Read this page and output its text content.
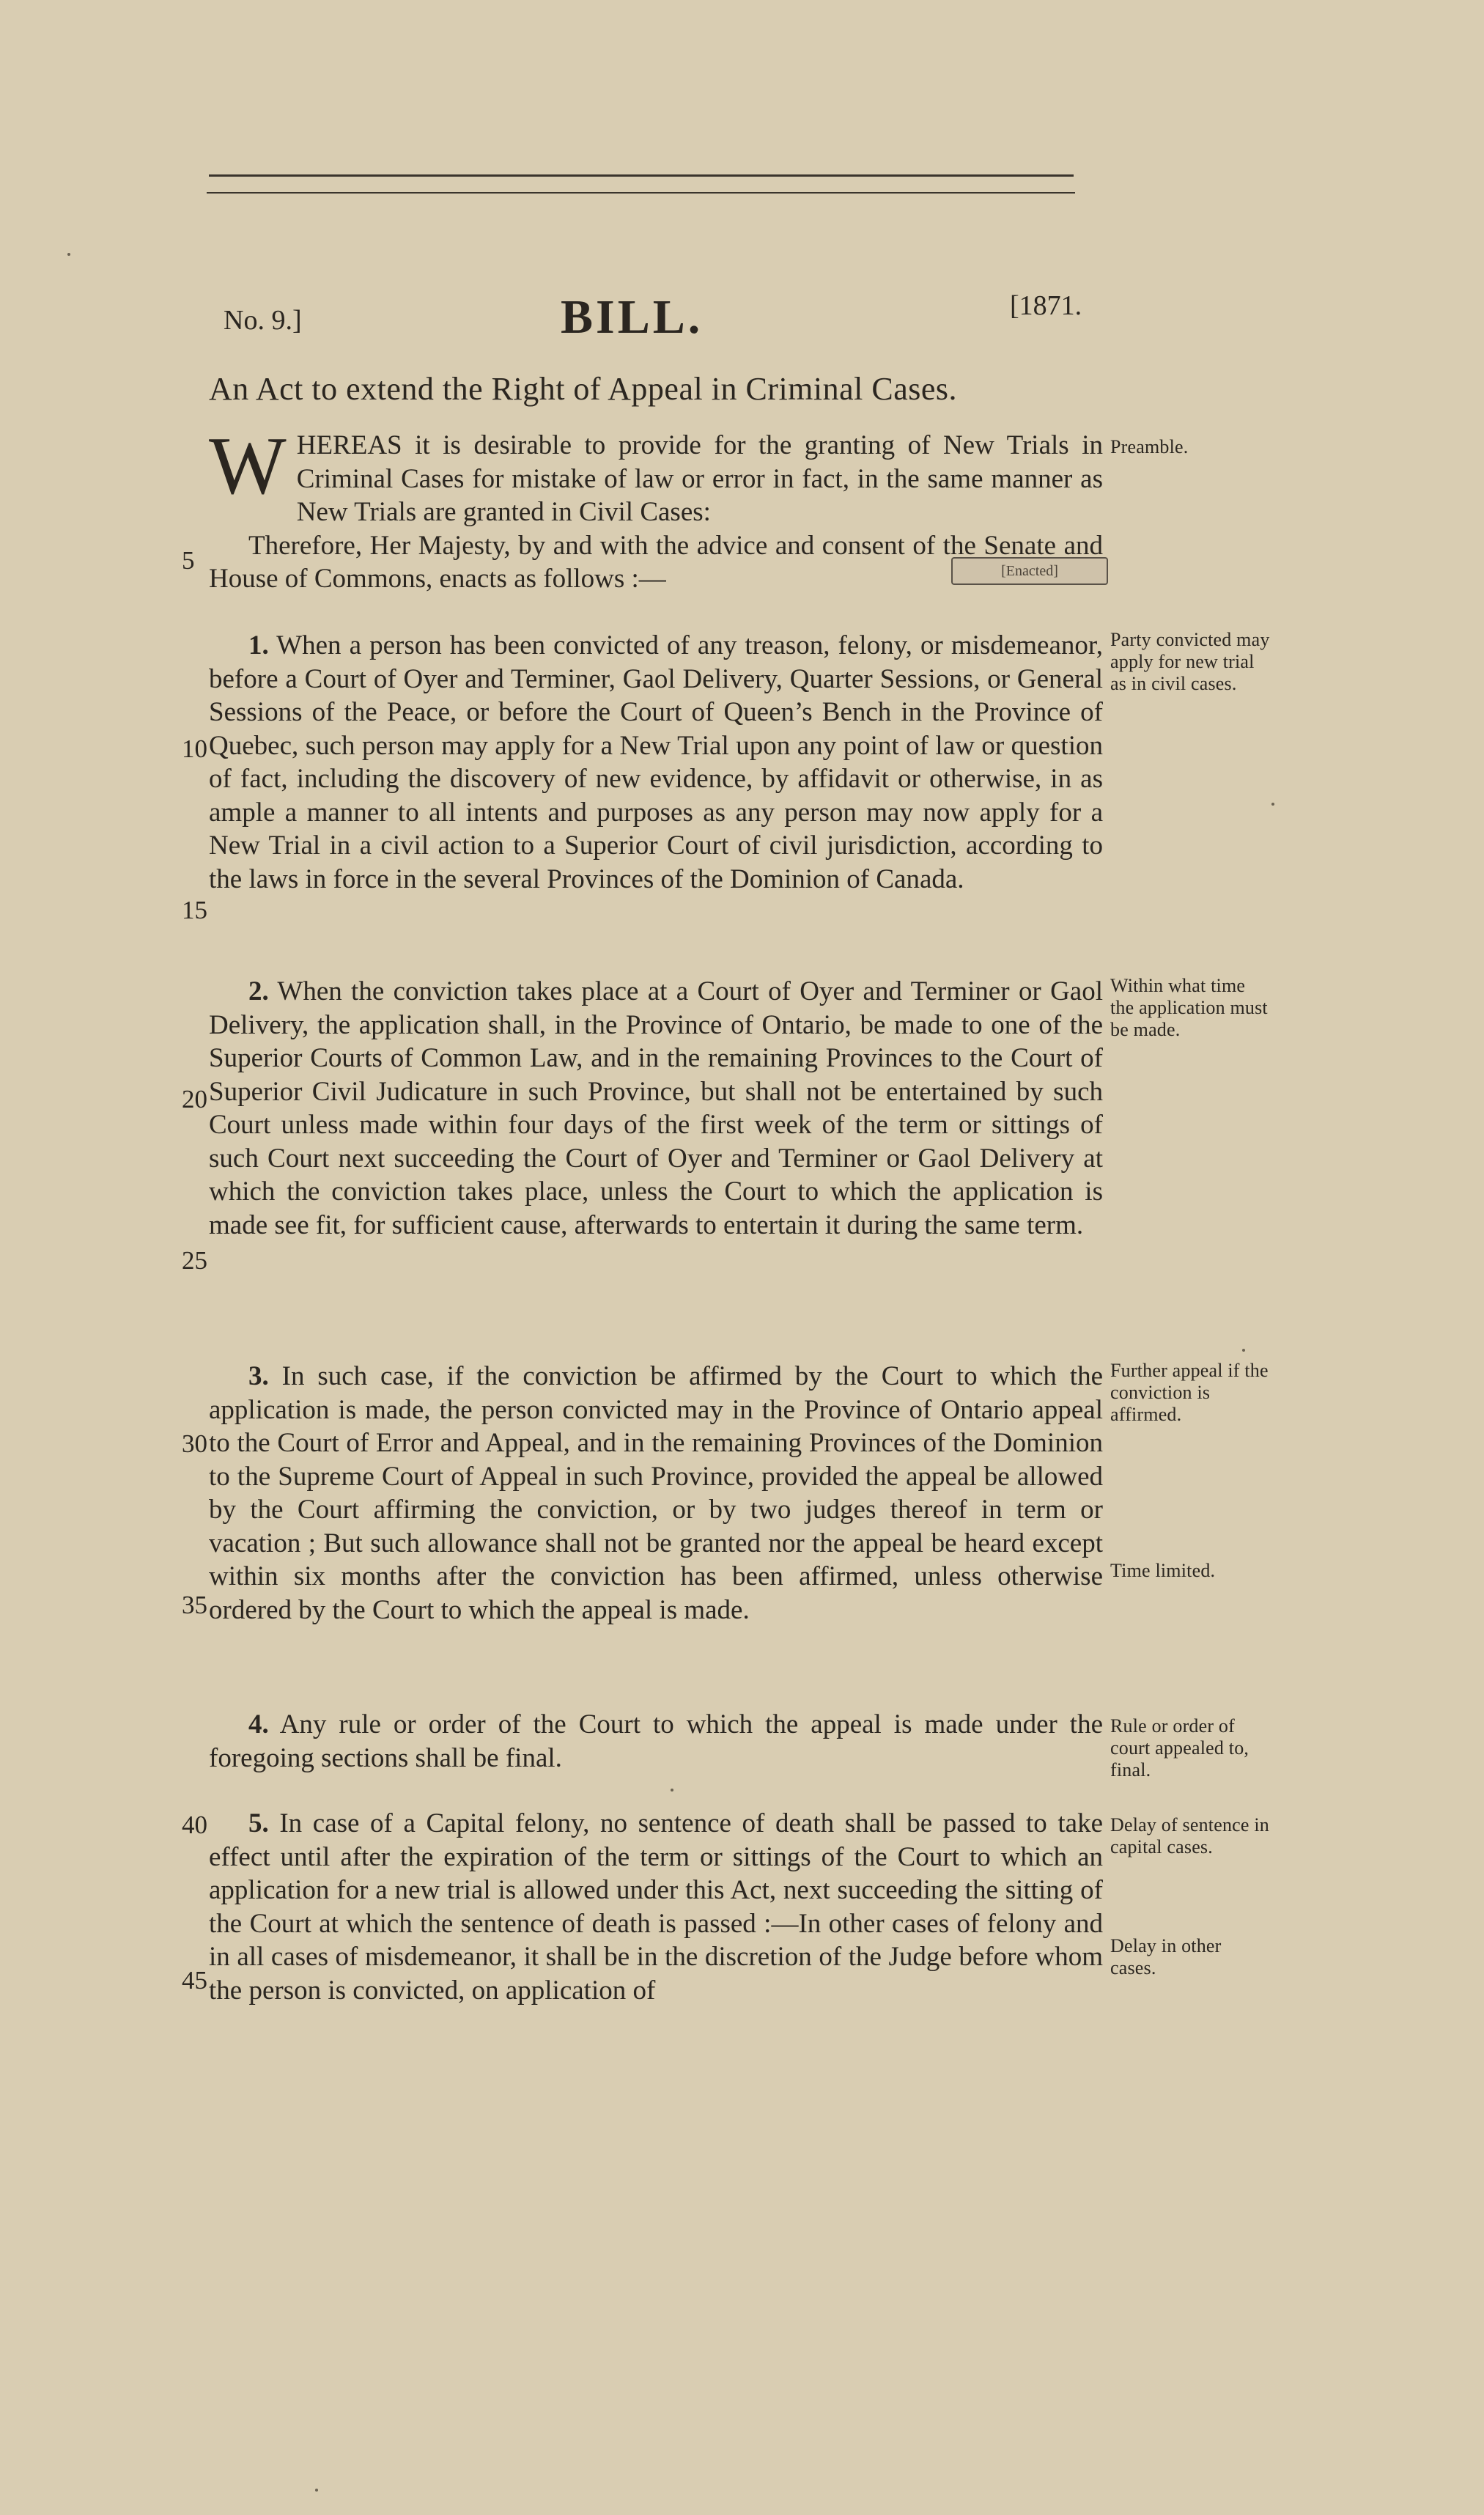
No. 9.]	BILL.	[1871.
An Act to extend the Right of Appeal in Criminal Cases.
WHEREAS it is desirable to provide for the granting of New Trials in Criminal Cases for mistake of law or error in fact, in the same manner as New Trials are granted in Civil Cases:
Therefore, Her Majesty, by and with the advice and consent of the Senate and House of Commons, enacts as follows :—	[Enacted]
1. When a person has been convicted of any treason, felony, or misdemeanor, before a Court of Oyer and Terminer, Gaol Delivery, Quarter Sessions, or General Sessions of the Peace, or before the Court of Queen’s Bench in the Province of Quebec, such person may apply for a New Trial upon any point of law or question of fact, including the discovery of new evidence, by affidavit or otherwise, in as ample a manner to all intents and purposes as any person may now apply for a New Trial in a civil action to a Superior Court of civil jurisdiction, according to the laws in force in the several Provinces of the Dominion of Canada.
2. When the conviction takes place at a Court of Oyer and Terminer or Gaol Delivery, the application shall, in the Province of Ontario, be made to one of the Superior Courts of Common Law, and in the remaining Provinces to the Court of Superior Civil Judicature in such Province, but shall not be entertained by such Court unless made within four days of the first week of the term or sittings of such Court next succeeding the Court of Oyer and Terminer or Gaol Delivery at which the conviction takes place, unless the Court to which the application is made see fit, for sufficient cause, afterwards to entertain it during the same term.
3. In such case, if the conviction be affirmed by the Court to which the application is made, the person convicted may in the Province of Ontario appeal to the Court of Error and Appeal, and in the remaining Provinces of the Dominion to the Supreme Court of Appeal in such Province, provided the appeal be allowed by the Court affirming the conviction, or by two judges thereof in term or vacation ; But such allowance shall not be granted nor the appeal be heard except within six months after the conviction has been affirmed, unless otherwise ordered by the Court to which the appeal is made.
4. Any rule or order of the Court to which the appeal is made under the foregoing sections shall be final.
5. In case of a Capital felony, no sentence of death shall be passed to take effect until after the expiration of the term or sittings of the Court to which an application for a new trial is allowed under this Act, next succeeding the sitting of the Court at which the sentence of death is passed :—In other cases of felony and in all cases of misdemeanor, it shall be in the discretion of the Judge before whom the person is convicted, on application of
5
10
15
20
25
30
35
40
45
Preamble.
Party convicted may apply for new trial as in civil cases.
Within what time the application must be made.
Further appeal if the conviction is affirmed.
Time limited.
Rule or order of court appealed to, final.
Delay of sentence in capital cases.
Delay in other cases.
